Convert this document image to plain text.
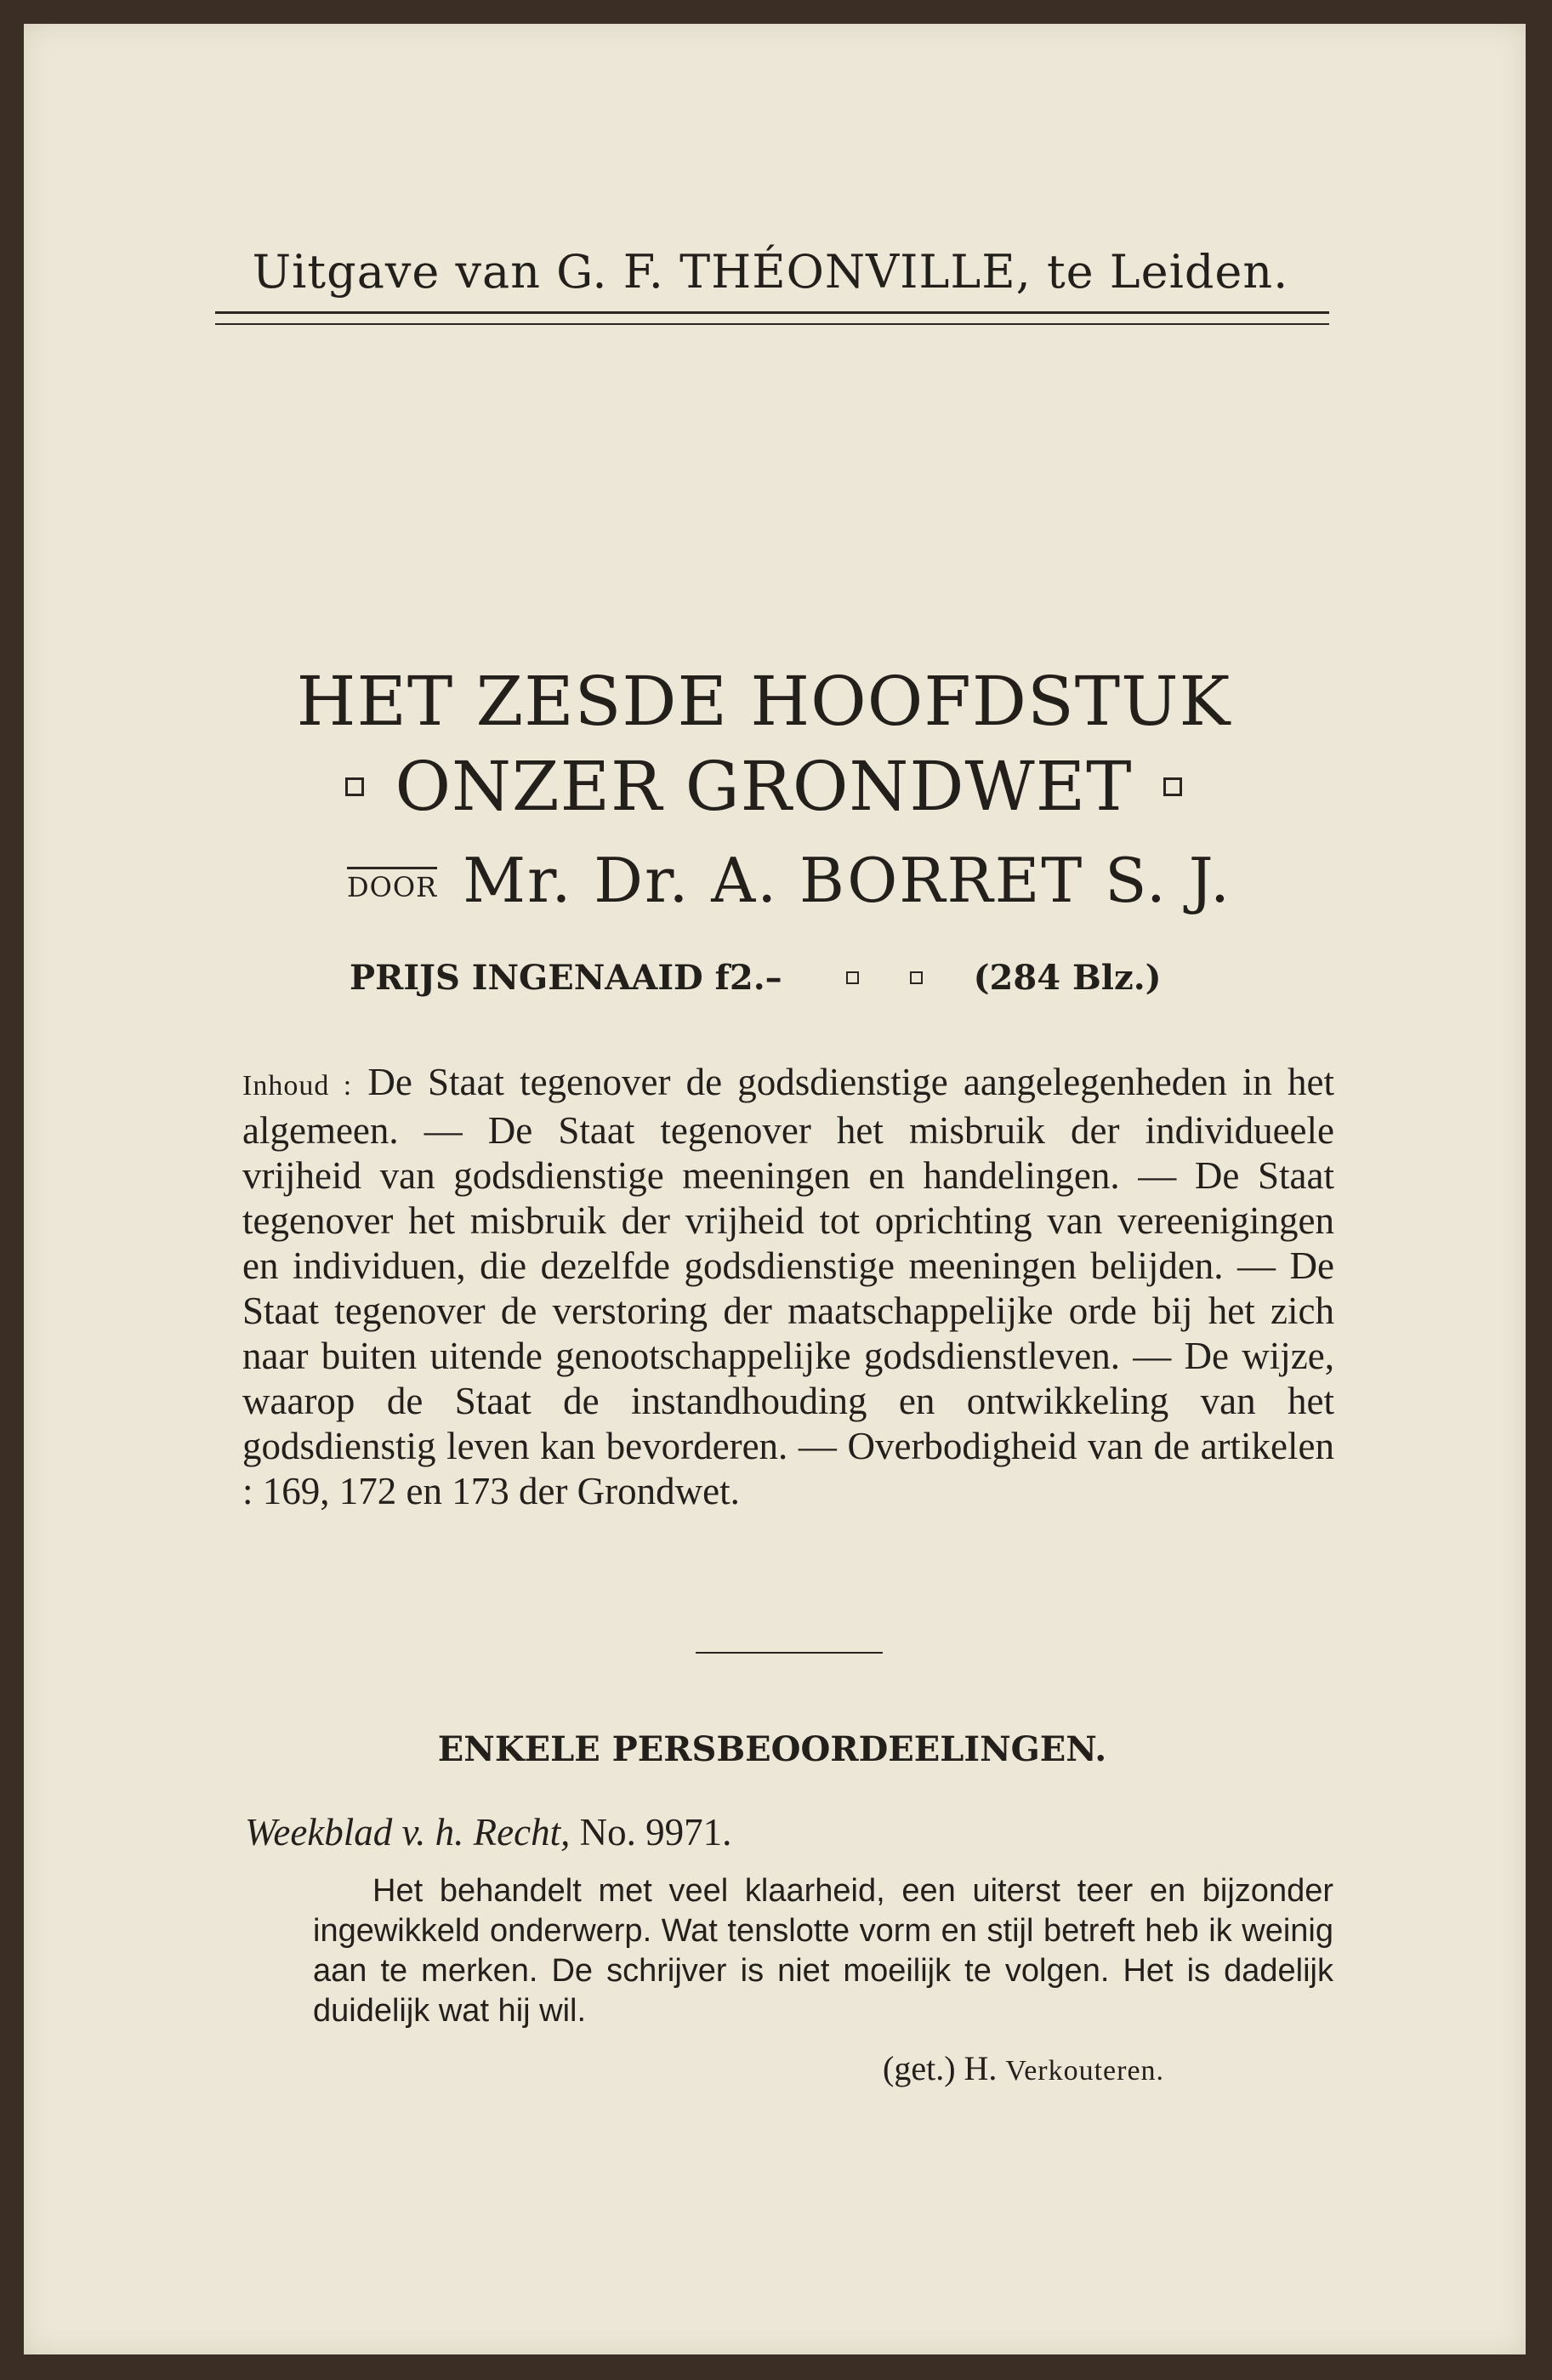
Uitgave van G. F. THÉONVILLE, te Leiden.
HET ZESDE HOOFDSTUK
ONZER GRONDWET
DOOR Mr. Dr. A. BORRET S. J.
PRIJS INGENAAID f2.–	(284 Blz.)
Inhoud : De Staat tegenover de godsdienstige aangelegenheden in het algemeen. — De Staat tegenover het misbruik der individueele vrijheid van godsdienstige meeningen en handelingen. — De Staat tegenover het misbruik der vrijheid tot oprichting van vereenigingen en individuen, die dezelfde godsdienstige meeningen belijden. — De Staat tegenover de verstoring der maatschappelijke orde bij het zich naar buiten uitende genootschappelijke godsdienstleven. — De wijze, waarop de Staat de instandhouding en ontwikkeling van het godsdienstig leven kan bevorderen. — Overbodigheid van de artikelen : 169, 172 en 173 der Grondwet.
ENKELE PERSBEOORDEELINGEN.
Weekblad v. h. Recht, No. 9971.
Het behandelt met veel klaarheid, een uiterst teer en bijzonder ingewikkeld onderwerp. Wat tenslotte vorm en stijl betreft heb ik weinig aan te merken. De schrijver is niet moeilijk te volgen. Het is dadelijk duidelijk wat hij wil.
(get.) H. Verkouteren.
